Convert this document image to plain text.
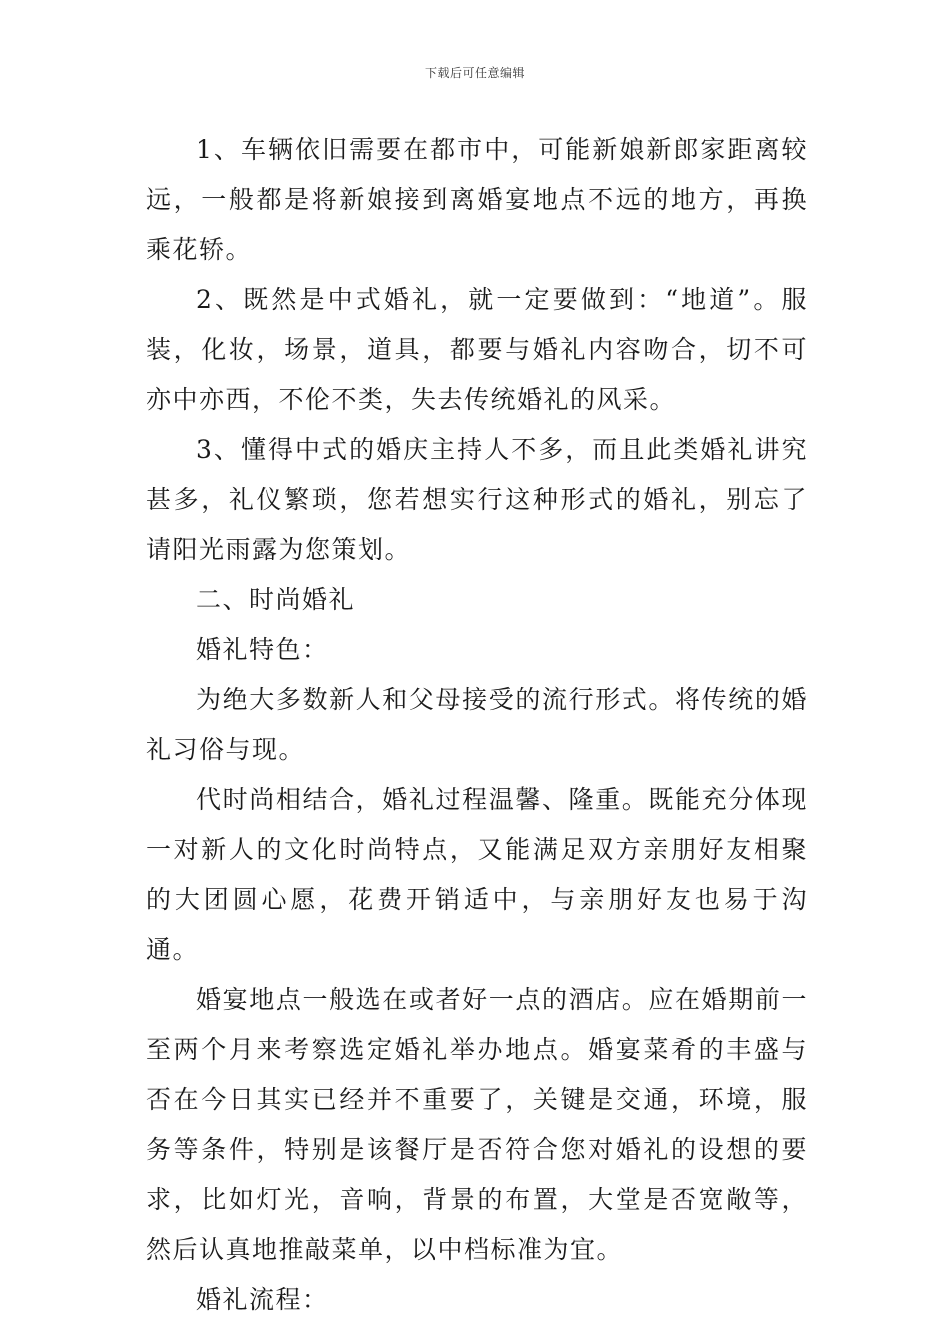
下载后可任意编辑

1、车辆依旧需要在都市中，可能新娘新郎家距离较远，一般都是将新娘接到离婚宴地点不远的地方，再换乘花轿。

2、既然是中式婚礼，就一定要做到：“地道”。服装，化妆，场景，道具，都要与婚礼内容吻合，切不可亦中亦西，不伦不类，失去传统婚礼的风采。

3、懂得中式的婚庆主持人不多，而且此类婚礼讲究甚多，礼仪繁琐，您若想实行这种形式的婚礼，别忘了请阳光雨露为您策划。

二、时尚婚礼

婚礼特色：

为绝大多数新人和父母接受的流行形式。将传统的婚礼习俗与现。

代时尚相结合，婚礼过程温馨、隆重。既能充分体现一对新人的文化时尚特点，又能满足双方亲朋好友相聚的大团圆心愿，花费开销适中，与亲朋好友也易于沟通。

婚宴地点一般选在或者好一点的酒店。应在婚期前一至两个月来考察选定婚礼举办地点。婚宴菜肴的丰盛与否在今日其实已经并不重要了，关键是交通，环境，服务等条件，特别是该餐厅是否符合您对婚礼的设想的要求，比如灯光，音响，背景的布置，大堂是否宽敞等，然后认真地推敲菜单，以中档标准为宜。

婚礼流程：
